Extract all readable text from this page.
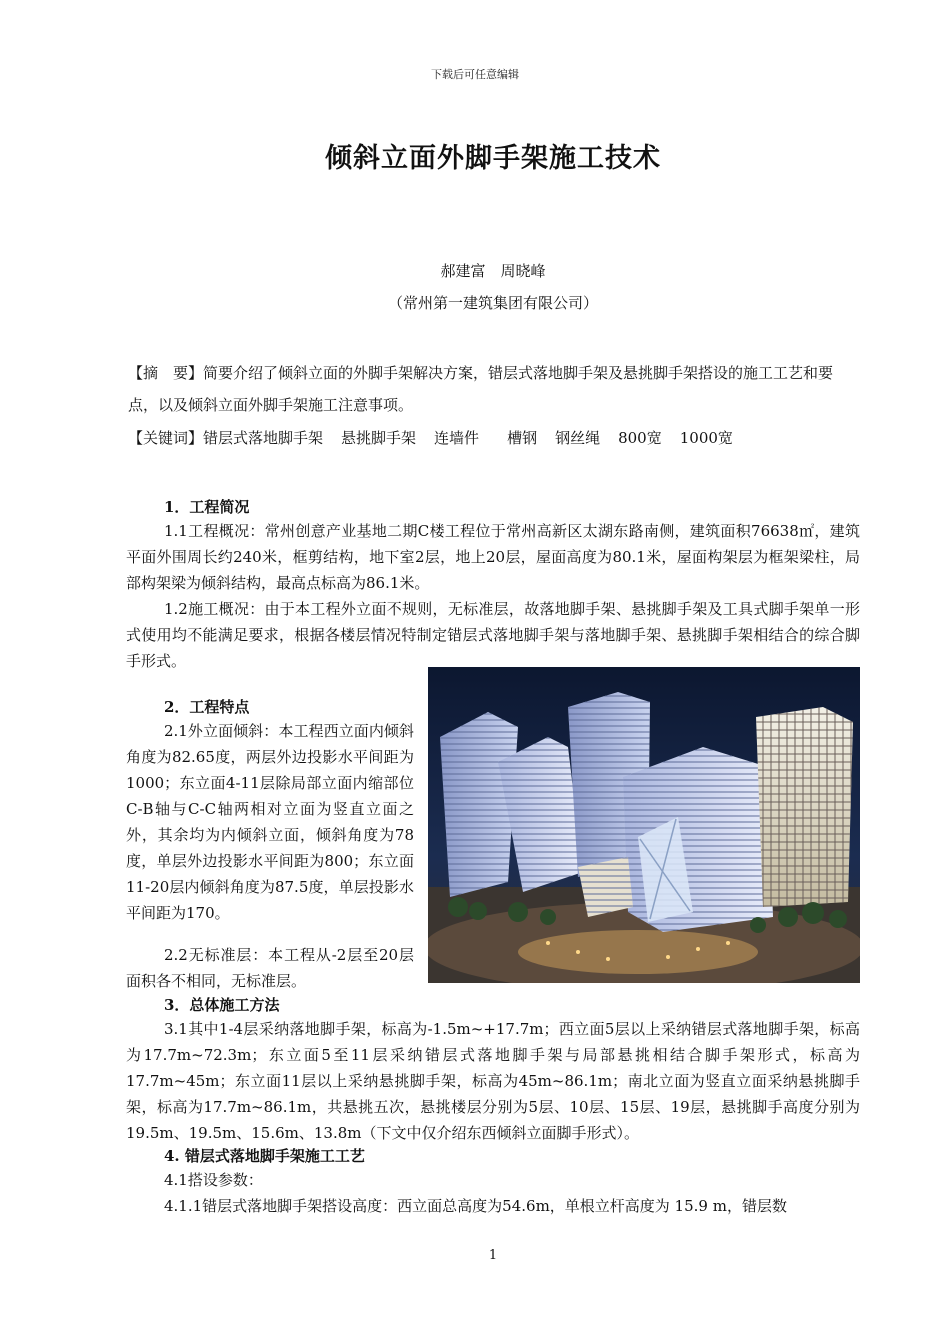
下载后可任意编辑
倾斜立面外脚手架施工技术
郝建富　周晓峰
（常州第一建筑集团有限公司）
【摘　要】简要介绍了倾斜立面的外脚手架解决方案，错层式落地脚手架及悬挑脚手架搭设的施工工艺和要点，以及倾斜立面外脚手架施工注意事项。
【关键词】错层式落地脚手架 悬挑脚手架 连墙件 槽钢 钢丝绳 800宽 1000宽
1．工程简况
1.1工程概况：常州创意产业基地二期C楼工程位于常州高新区太湖东路南侧，建筑面积76638㎡，建筑平面外围周长约240米，框剪结构，地下室2层，地上20层，屋面高度为80.1米，屋面构架层为框架梁柱，局部构架梁为倾斜结构，最高点标高为86.1米。
1.2施工概况：由于本工程外立面不规则，无标准层，故落地脚手架、悬挑脚手架及工具式脚手架单一形式使用均不能满足要求，根据各楼层情况特制定错层式落地脚手架与落地脚手架、悬挑脚手架相结合的综合脚手形式。
2．工程特点
2.1外立面倾斜：本工程西立面内倾斜角度为82.65度，两层外边投影水平间距为1000；东立面4-11层除局部立面内缩部位C-B轴与C-C轴两相对立面为竖直立面之外，其余均为内倾斜立面，倾斜角度为78度，单层外边投影水平间距为800；东立面11-20层内倾斜角度为87.5度，单层投影水平间距为170。
2.2无标准层：本工程从-2层至20层面积各不相同，无标准层。
3．总体施工方法
3.1其中1-4层采纳落地脚手架，标高为-1.5m~+17.7m；西立面5层以上采纳错层式落地脚手架，标高为17.7m~72.3m；东立面5至11层采纳错层式落地脚手架与局部悬挑相结合脚手架形式，标高为17.7m~45m；东立面11层以上采纳悬挑脚手架，标高为45m~86.1m；南北立面为竖直立面采纳悬挑脚手架，标高为17.7m~86.1m，共悬挑五次，悬挑楼层分别为5层、10层、15层、19层，悬挑脚手高度分别为19.5m、19.5m、15.6m、13.8m（下文中仅介绍东西倾斜立面脚手形式）。
4. 错层式落地脚手架施工工艺
4.1搭设参数：
4.1.1错层式落地脚手架搭设高度：西立面总高度为54.6m，单根立杆高度为 15.9 m，错层数
1
